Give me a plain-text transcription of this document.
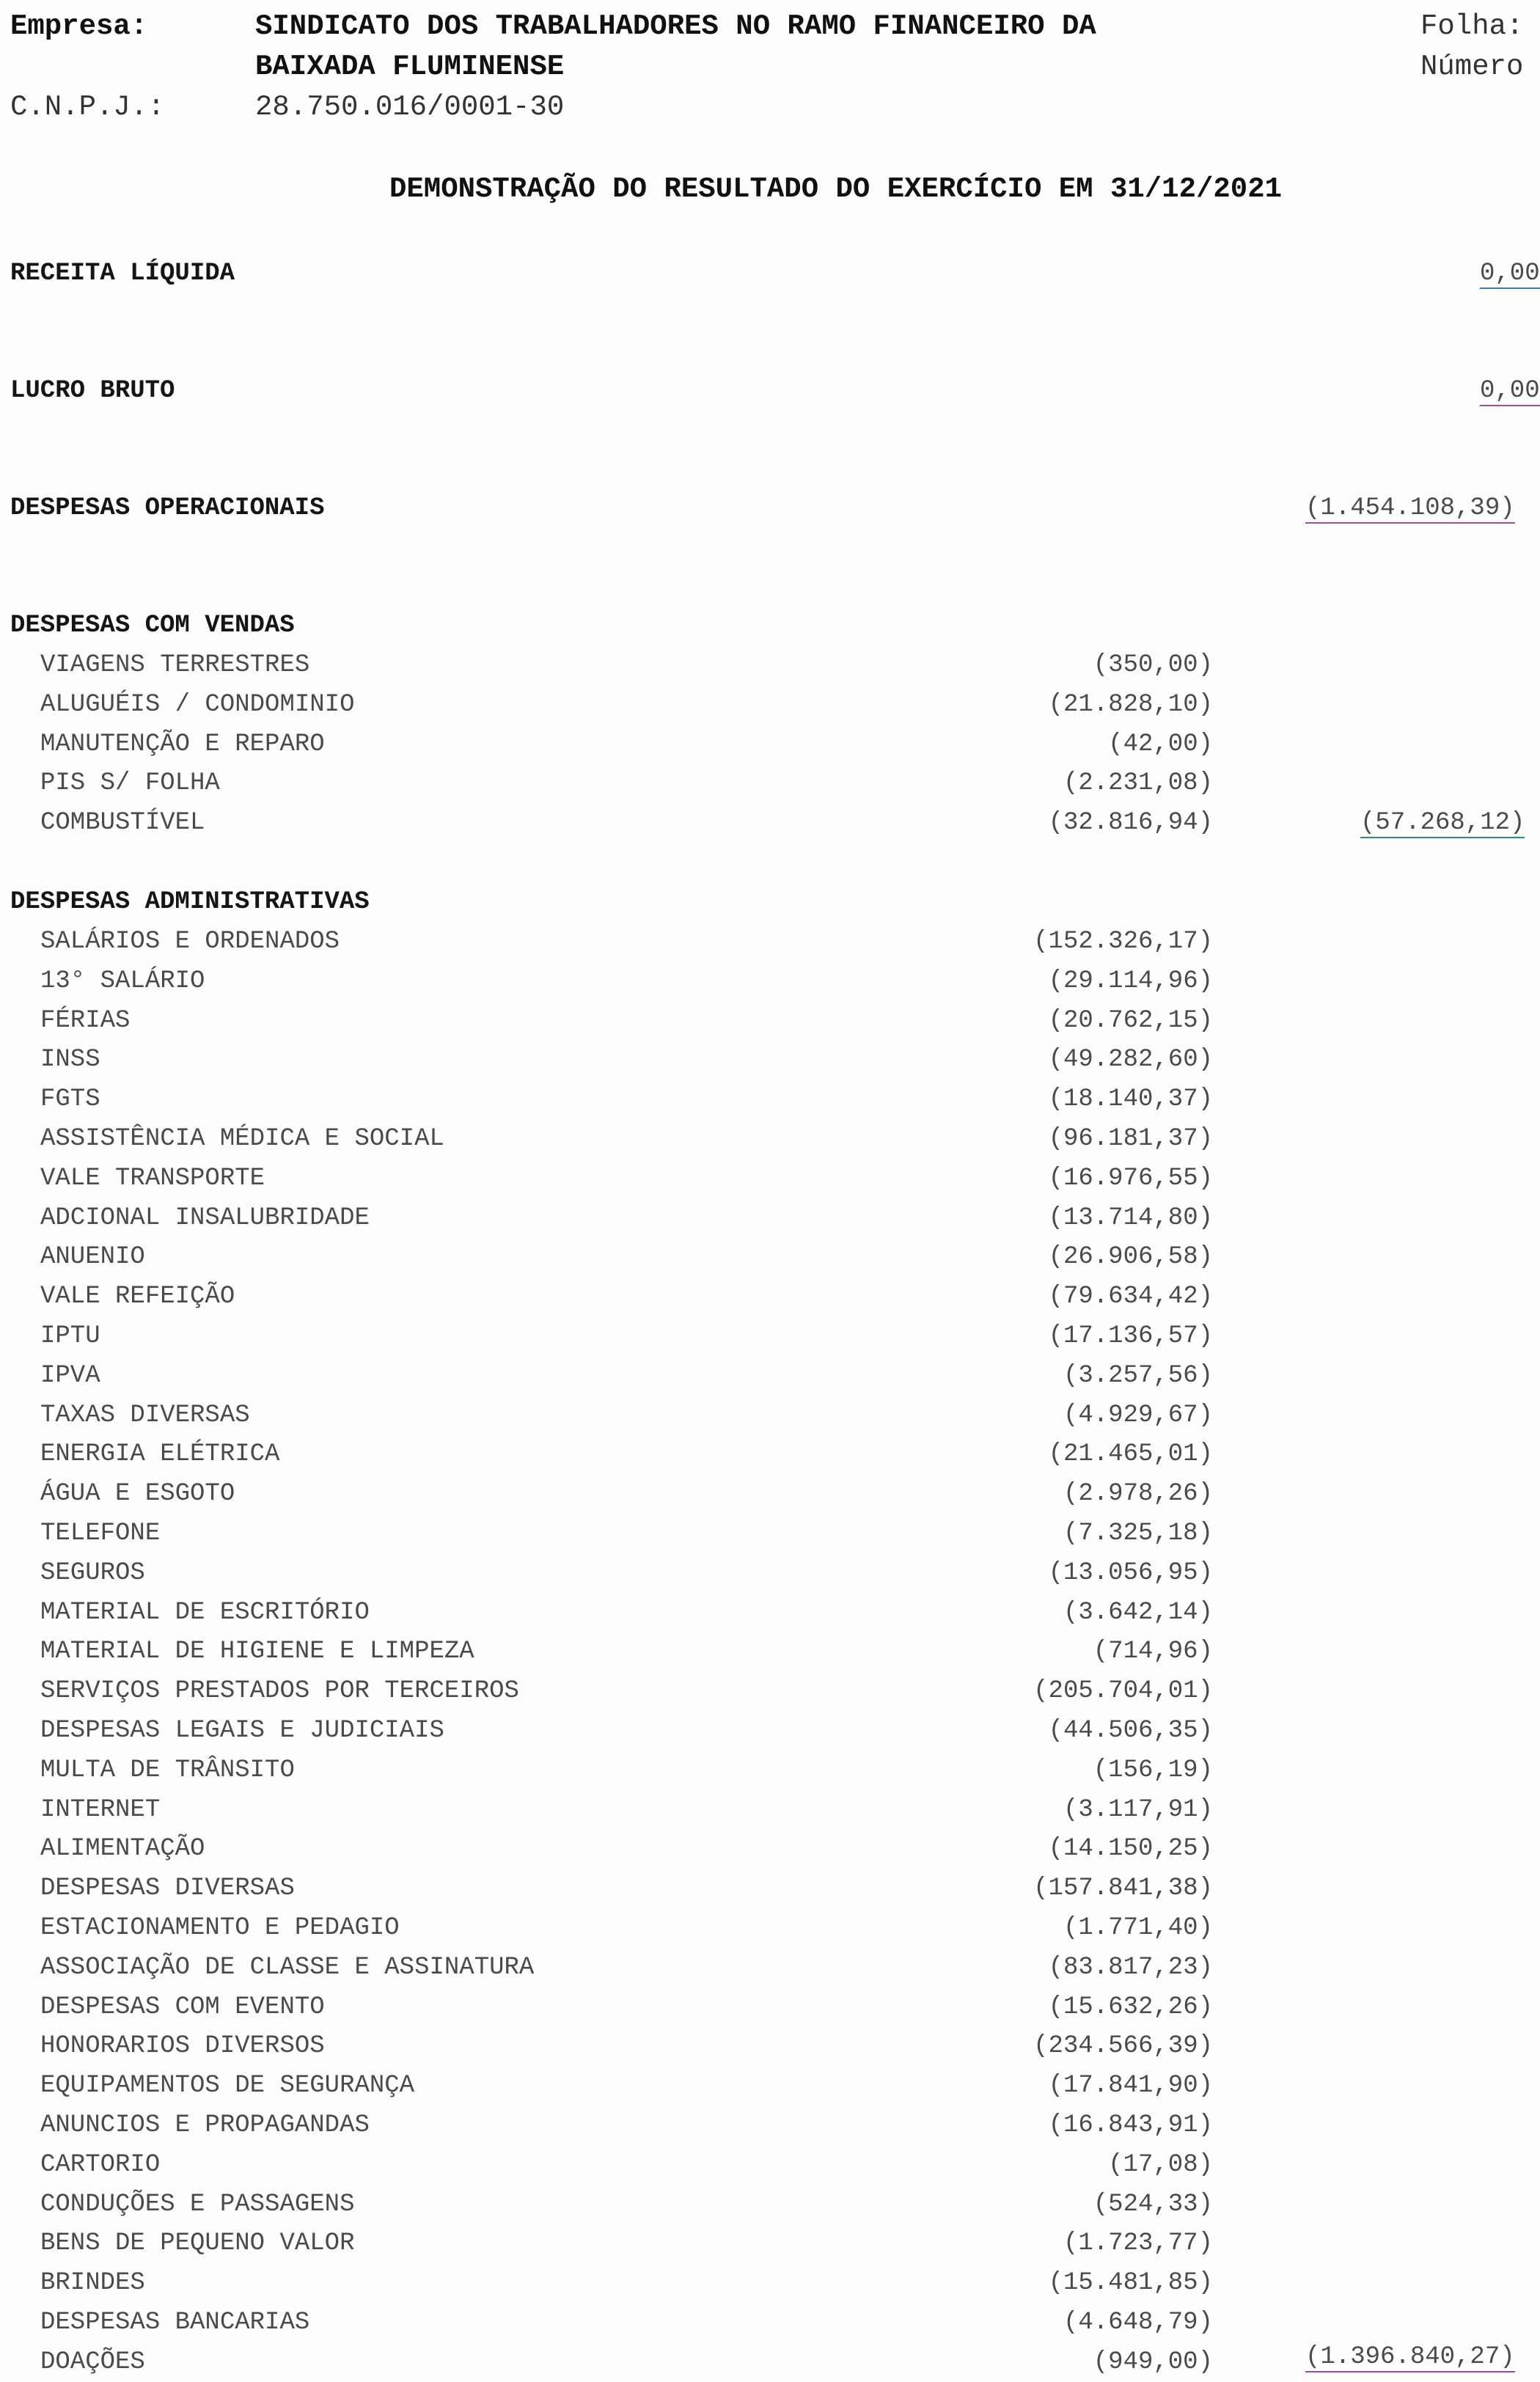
Empresa:	SINDICATO DOS TRABALHADORES NO RAMO FINANCEIRO DA
BAIXADA FLUMINENSE
C.N.P.J.:	28.750.016/0001-30
Folha:
Número
DEMONSTRAÇÃO DO RESULTADO DO EXERCÍCIO EM 31/12/2021
RECEITA LÍQUIDA	0,00
LUCRO BRUTO	0,00
DESPESAS OPERACIONAIS	(1.454.108,39)
DESPESAS COM VENDAS
VIAGENS TERRESTRES	(350,00)
ALUGUÉIS / CONDOMINIO	(21.828,10)
MANUTENÇÃO E REPARO	(42,00)
PIS S/ FOLHA	(2.231,08)
COMBUSTÍVEL	(32.816,94)	(57.268,12)
DESPESAS ADMINISTRATIVAS
SALÁRIOS E ORDENADOS	(152.326,17)
13° SALÁRIO	(29.114,96)
FÉRIAS	(20.762,15)
INSS	(49.282,60)
FGTS	(18.140,37)
ASSISTÊNCIA MÉDICA E SOCIAL	(96.181,37)
VALE TRANSPORTE	(16.976,55)
ADCIONAL INSALUBRIDADE	(13.714,80)
ANUENIO	(26.906,58)
VALE REFEIÇÃO	(79.634,42)
IPTU	(17.136,57)
IPVA	(3.257,56)
TAXAS DIVERSAS	(4.929,67)
ENERGIA ELÉTRICA	(21.465,01)
ÁGUA E ESGOTO	(2.978,26)
TELEFONE	(7.325,18)
SEGUROS	(13.056,95)
MATERIAL DE ESCRITÓRIO	(3.642,14)
MATERIAL DE HIGIENE E LIMPEZA	(714,96)
SERVIÇOS PRESTADOS POR TERCEIROS	(205.704,01)
DESPESAS LEGAIS E JUDICIAIS	(44.506,35)
MULTA DE TRÂNSITO	(156,19)
INTERNET	(3.117,91)
ALIMENTAÇÃO	(14.150,25)
DESPESAS DIVERSAS	(157.841,38)
ESTACIONAMENTO E PEDAGIO	(1.771,40)
ASSOCIAÇÃO DE CLASSE E ASSINATURA	(83.817,23)
DESPESAS COM EVENTO	(15.632,26)
HONORARIOS DIVERSOS	(234.566,39)
EQUIPAMENTOS DE SEGURANÇA	(17.841,90)
ANUNCIOS E PROPAGANDAS	(16.843,91)
CARTORIO	(17,08)
CONDUÇÕES E PASSAGENS	(524,33)
BENS DE PEQUENO VALOR	(1.723,77)
BRINDES	(15.481,85)
DESPESAS BANCARIAS	(4.648,79)
DOAÇÕES	(949,00)	(1.396.840,27)
